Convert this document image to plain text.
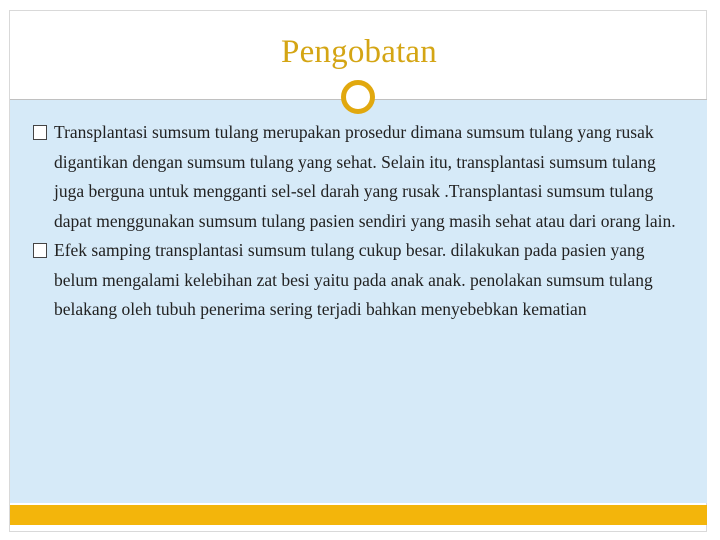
Pengobatan
Transplantasi sumsum tulang merupakan prosedur dimana sumsum tulang yang rusak digantikan dengan sumsum tulang yang sehat. Selain itu, transplantasi sumsum tulang juga berguna untuk mengganti sel-sel darah yang rusak .Transplantasi sumsum tulang dapat menggunakan sumsum tulang pasien sendiri yang masih sehat atau dari orang lain.
Efek samping transplantasi sumsum tulang cukup besar. dilakukan pada pasien yang belum mengalami kelebihan zat besi yaitu pada anak anak. penolakan sumsum tulang belakang oleh tubuh penerima sering terjadi bahkan menyebebkan kematian
